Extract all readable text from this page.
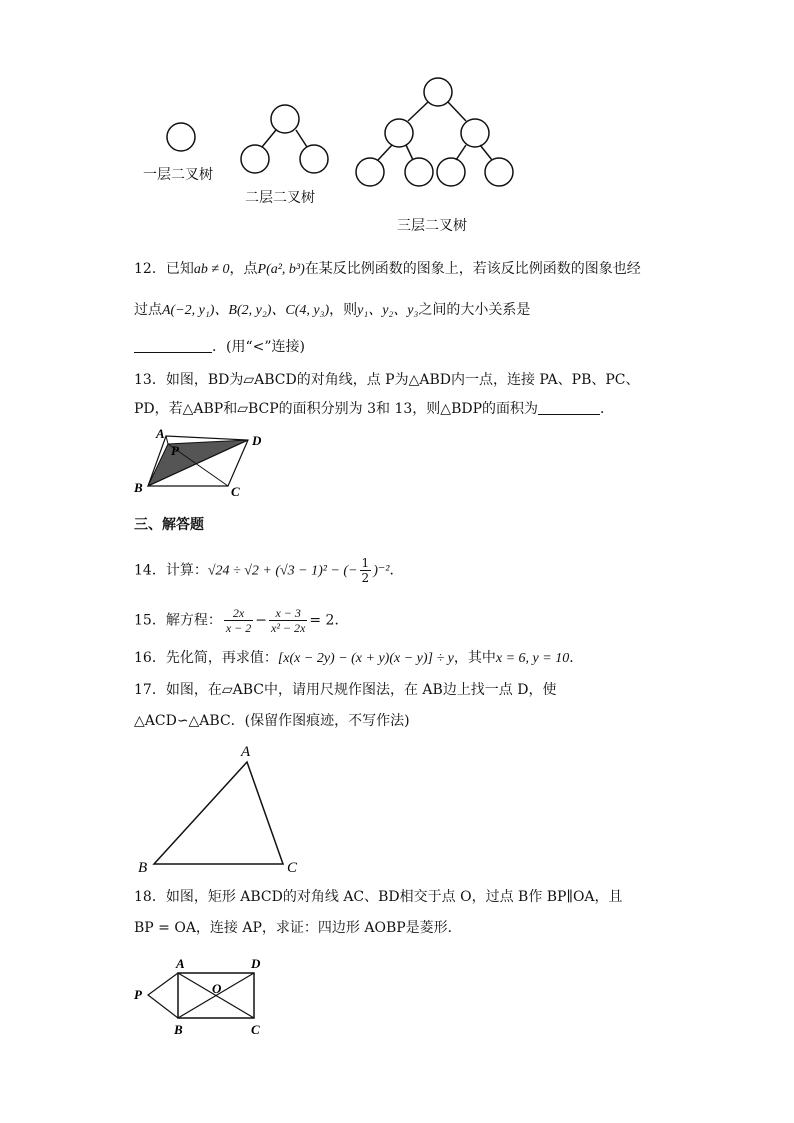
一层二叉树
二层二叉树
三层二叉树
12．已知ab ≠ 0，点P(a², b³)在某反比例函数的图象上，若该反比例函数的图象也经
过点A(−2, y₁)、B(2, y₂)、C(4, y₃)，则y₁、y₂、y₃之间的大小关系是
．(用“<”连接)
13．如图，BD为▱ABCD的对角线，点 P为△ABD内一点，连接 PA、PB、PC、
PD，若△ABP和▱BCP的面积分别为 3和 13，则△BDP的面积为	．
A
P
D
B	C
三、解答题
14．计算：√24 ÷ √2 + (√3 − 1)² − (− $\frac{1}{2} )^{-2}$．
15．解方程： $\frac{2x}{x - 2} - \frac{x - 3}{\text{x² − 2x}} = 2$．
16．先化简，再求值：[x(x − 2y) − (x + y)(x − y)] ÷ y，其中x = 6, y = 10．
17．如图，在▱ABC中，请用尺规作图法，在 AB边上找一点 D，使
△ACD∽△ABC．(保留作图痕迹，不写作法)
A
B	C
18．如图，矩形 ABCD的对角线 AC、BD相交于点 O，过点 B作 BP∥OA，且
BP = OA，连接 AP，求证：四边形 AOBP是菱形．
A	D
P	O
B	C
